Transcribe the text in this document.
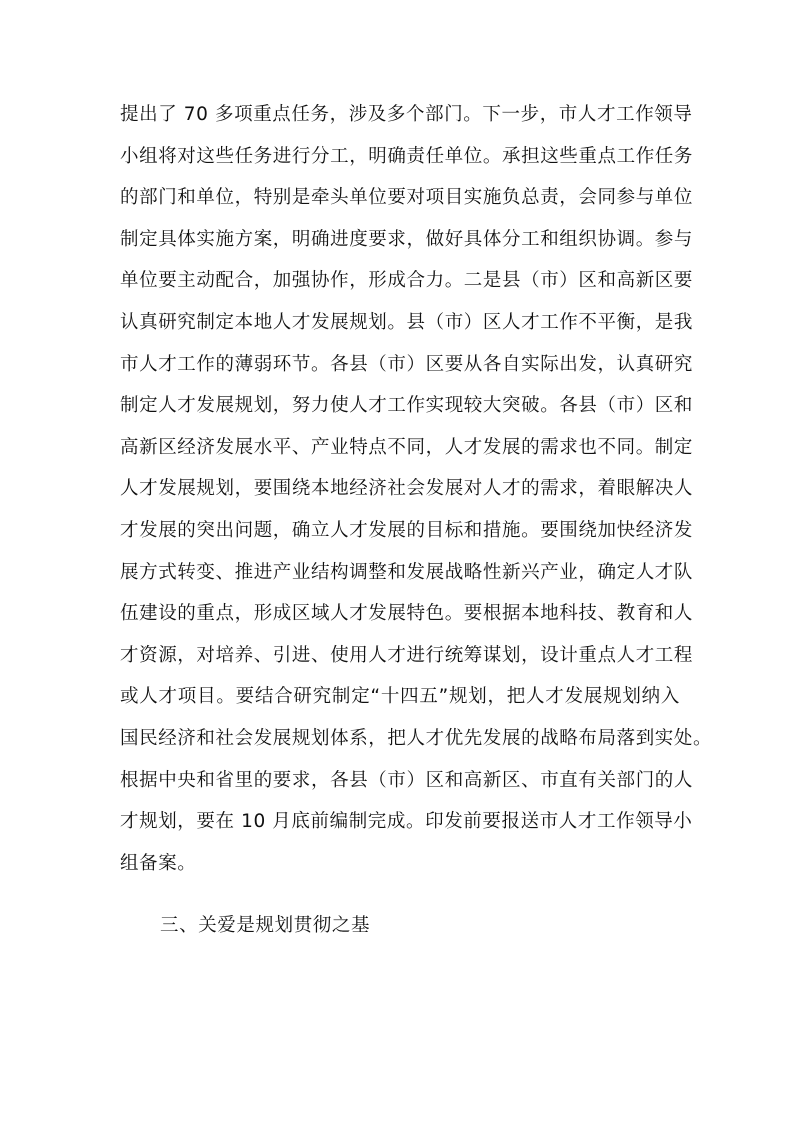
提出了 70 多项重点任务，涉及多个部门。下一步，市人才工作领导
小组将对这些任务进行分工，明确责任单位。承担这些重点工作任务
的部门和单位，特别是牵头单位要对项目实施负总责，会同参与单位
制定具体实施方案，明确进度要求，做好具体分工和组织协调。参与
单位要主动配合，加强协作，形成合力。二是县（市）区和高新区要
认真研究制定本地人才发展规划。县（市）区人才工作不平衡，是我
市人才工作的薄弱环节。各县（市）区要从各自实际出发，认真研究
制定人才发展规划，努力使人才工作实现较大突破。各县（市）区和
高新区经济发展水平、产业特点不同，人才发展的需求也不同。制定
人才发展规划，要围绕本地经济社会发展对人才的需求，着眼解决人
才发展的突出问题，确立人才发展的目标和措施。要围绕加快经济发
展方式转变、推进产业结构调整和发展战略性新兴产业，确定人才队
伍建设的重点，形成区域人才发展特色。要根据本地科技、教育和人
才资源，对培养、引进、使用人才进行统筹谋划，设计重点人才工程
或人才项目。要结合研究制定“十四五”规划，把人才发展规划纳入
国民经济和社会发展规划体系，把人才优先发展的战略布局落到实处。
根据中央和省里的要求，各县（市）区和高新区、市直有关部门的人
才规划，要在 10 月底前编制完成。印发前要报送市人才工作领导小
组备案。
三、关爱是规划贯彻之基
